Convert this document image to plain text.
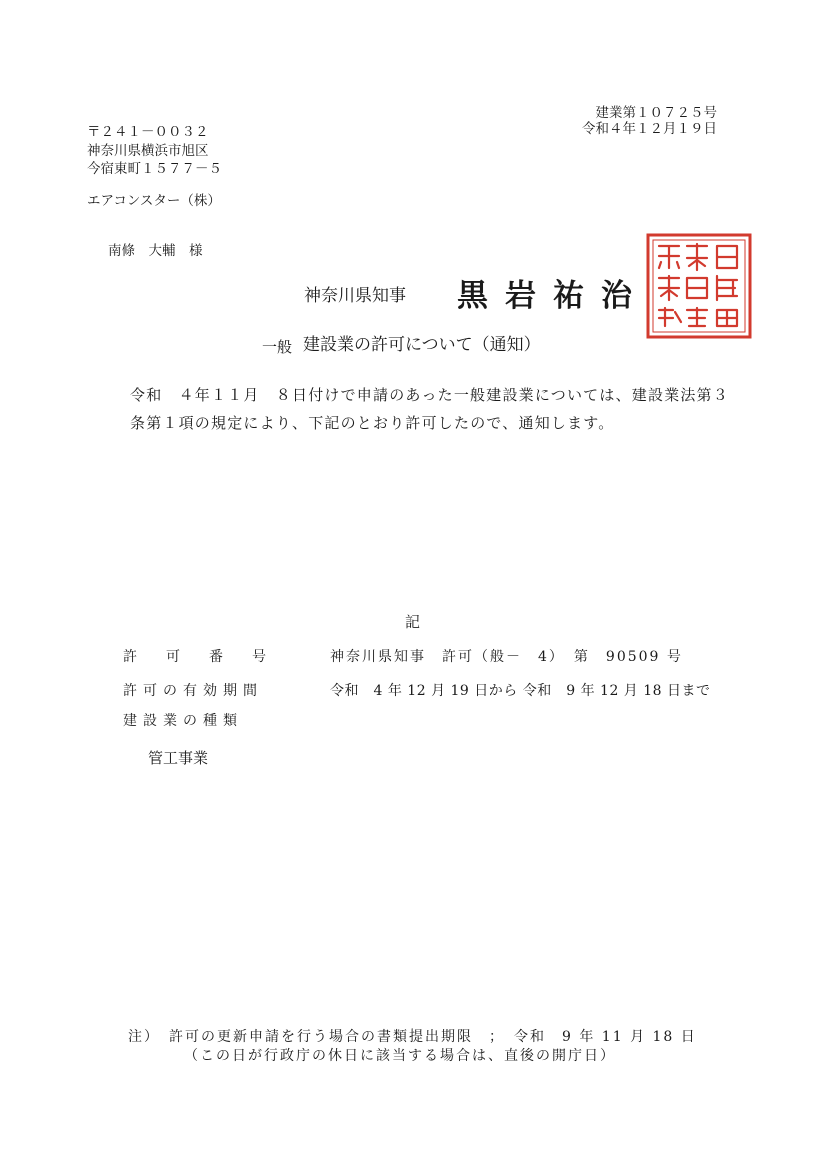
建業第１０７２５号
令和４年１２月１９日
〒２４１－００３２
神奈川県横浜市旭区
今宿東町１５７７－５
エアコンスター（株）
南條　大輔　様
神奈川県知事 黒岩祐治
一般 建設業の許可について（通知）
令和　４年１１月　８日付けで申請のあった一般建設業については、建設業法第３条第１項の規定により、下記のとおり許可したので、通知します。
記
許可番号	神奈川県知事　許可（般－　4）　第　90509 号
許可の有効期間	令和　4 年 12 月 19 日から 令和　9 年 12 月 18 日まで
建設業の種類
管工事業
注）　許可の更新申請を行う場合の書類提出期限　；　令和　9 年 11 月 18 日
（この日が行政庁の休日に該当する場合は、直後の開庁日）
